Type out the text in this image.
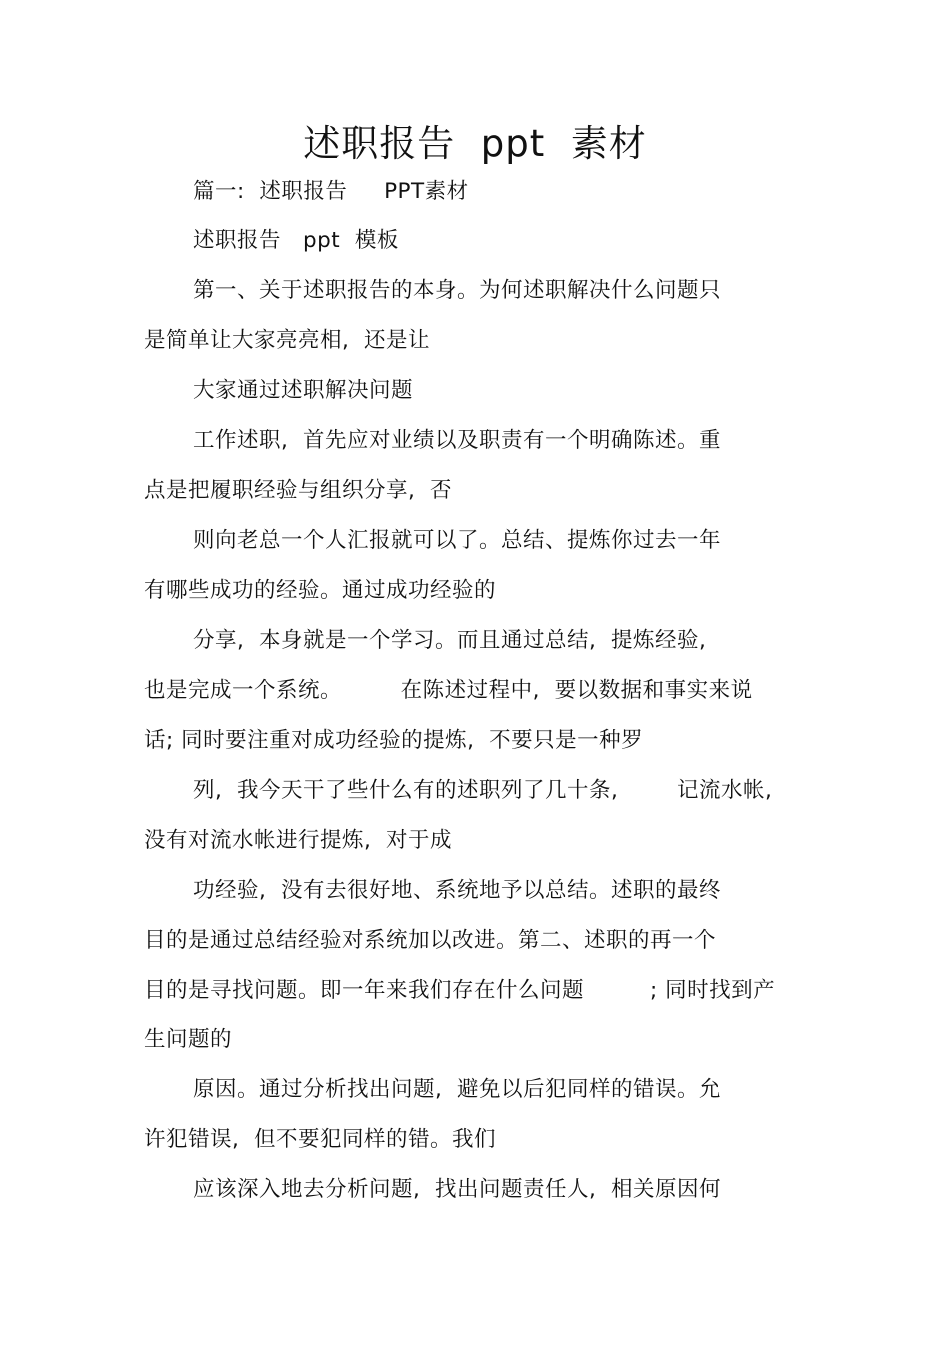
述职报告  ppt  素材
篇一:  述职报告     PPT素材
述职报告   ppt  模板
第一、关于述职报告的本身。为何述职解决什么问题只
是简单让大家亮亮相,  还是让
大家通过述职解决问题
工作述职,  首先应对业绩以及职责有一个明确陈述。重
点是把履职经验与组织分享,  否
则向老总一个人汇报就可以了。总结、提炼你过去一年
有哪些成功的经验。通过成功经验的
分享,  本身就是一个学习。而且通过总结,  提炼经验,
也是完成一个系统。        在陈述过程中,  要以数据和事实来说
话; 同时要注重对成功经验的提炼,  不要只是一种罗
列,  我今天干了些什么有的述职列了几十条,        记流水帐,
没有对流水帐进行提炼,  对于成
功经验,  没有去很好地、系统地予以总结。述职的最终
目的是通过总结经验对系统加以改进。第二、述职的再一个
目的是寻找问题。即一年来我们存在什么问题         ; 同时找到产
生问题的
原因。通过分析找出问题,  避免以后犯同样的错误。允
许犯错误,  但不要犯同样的错。我们
应该深入地去分析问题,  找出问题责任人,  相关原因何
